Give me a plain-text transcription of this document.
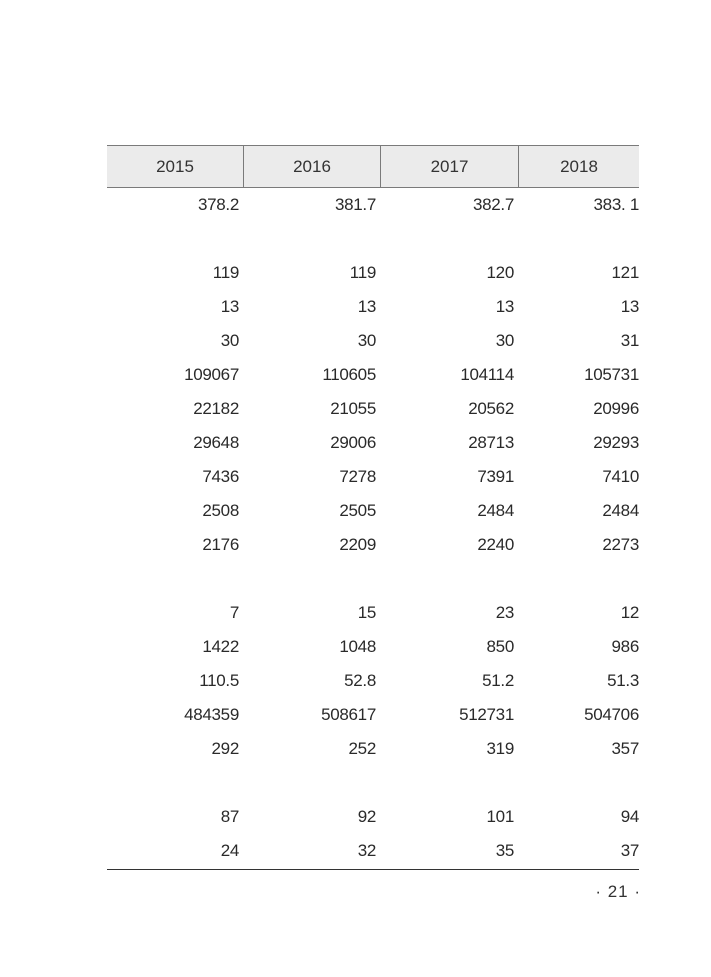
2015	2016	2017	2018
378.2	381.7	382.7	383. 1
119	119	120	121
13	13	13	13
30	30	30	31
109067	110605	104114	105731
22182	21055	20562	20996
29648	29006	28713	29293
7436	7278	7391	7410
2508	2505	2484	2484
2176	2209	2240	2273
7	15	23	12
1422	1048	850	986
110.5	52.8	51.2	51.3
484359	508617	512731	504706
292	252	319	357
87	92	101	94
24	32	35	37
· 21 ·
